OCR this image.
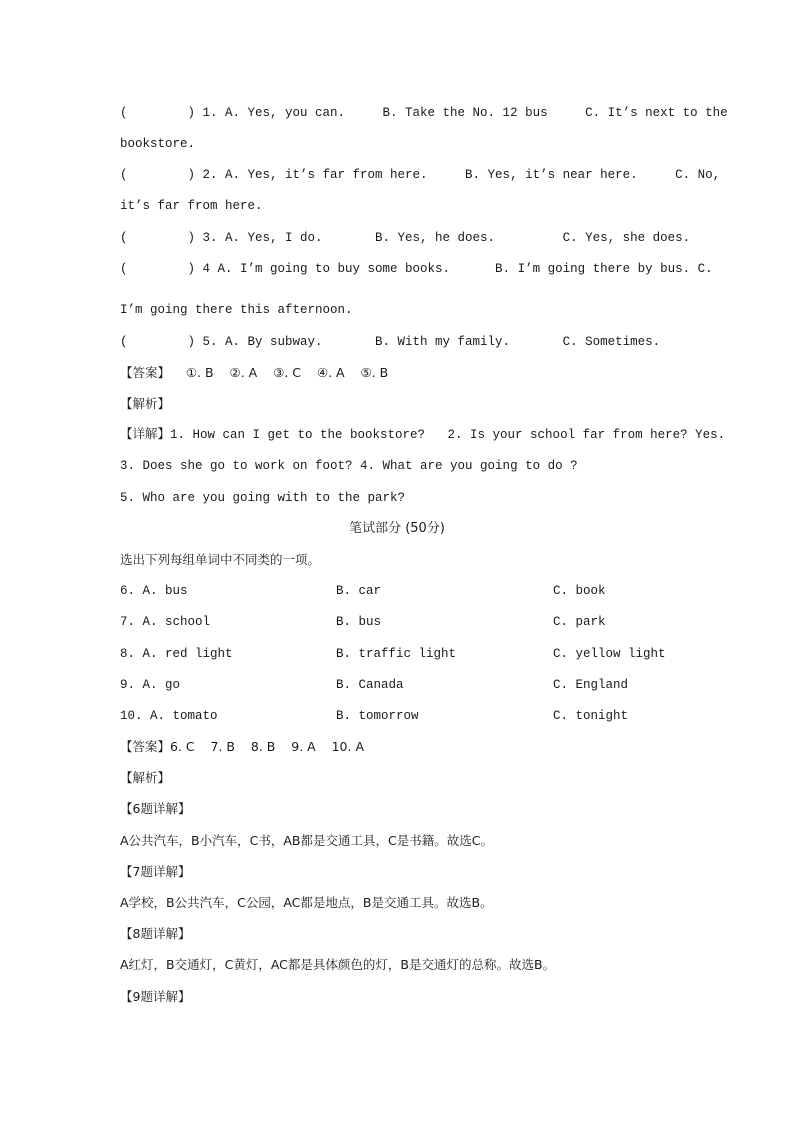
(        ) 1. A. Yes, you can.     B. Take the No. 12 bus     C. It’s next to the
bookstore.
(        ) 2. A. Yes, it’s far from here.     B. Yes, it’s near here.     C. No,
it’s far from here.
(        ) 3. A. Yes, I do.       B. Yes, he does.         C. Yes, she does.
(        ) 4 A. I’m going to buy some books.      B. I’m going there by bus. C.
I’m going there this afternoon.
(        ) 5. A. By subway.       B. With my family.       C. Sometimes.
【答案】    ①. B    ②. A    ③. C    ④. A    ⑤. B
【解析】
【详解】1. How can I get to the bookstore?   2. Is your school far from here? Yes.
3. Does she go to work on foot? 4. What are you going to do ?
5. Who are you going with to the park?
笔试部分 (50分)
选出下列每组单词中不同类的一项。
6. A. bus	B. car	C. book
7. A. school	B. bus	C. park
8. A. red light	B. traffic light	C. yellow light
9. A. go	B. Canada	C. England
10. A. tomato	B. tomorrow	C. tonight
【答案】6. C    7. B    8. B    9. A    10. A
【解析】
【6题详解】
A公共汽车，B小汽车，C书，AB都是交通工具，C是书籍。故选C。
【7题详解】
A学校，B公共汽车，C公园，AC都是地点，B是交通工具。故选B。
【8题详解】
A红灯，B交通灯，C黄灯，AC都是具体颜色的灯，B是交通灯的总称。故选B。
【9题详解】
